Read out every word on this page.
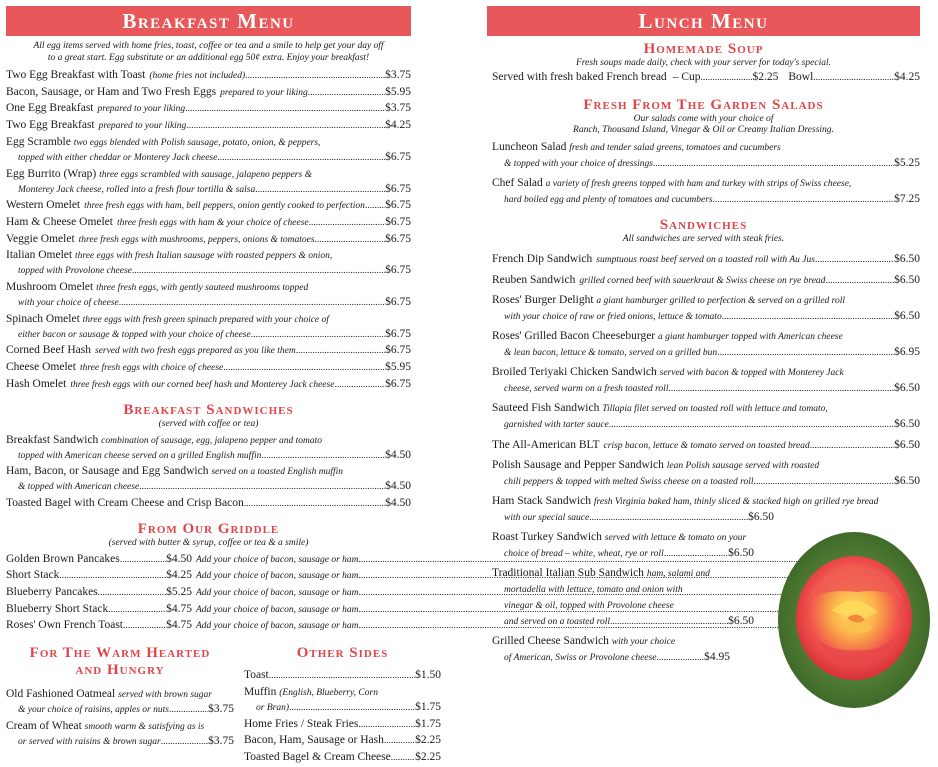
Breakfast Menu
All egg items served with home fries, toast, coffee or tea and a smile to help get your day off
to a great start. Egg substitute or an additional egg 50¢ extra. Enjoy your breakfast!
Two Egg Breakfast with Toast (home fries not included) .....	$3.75
Bacon, Sausage, or Ham and Two Fresh Eggs prepared to your liking .....	$5.95
One Egg Breakfast prepared to your liking .....	$3.75
Two Egg Breakfast prepared to your liking .....	$4.25
Egg Scramble two eggs blended with Polish sausage, potato, onion, & peppers,
topped with either cheddar or Monterey Jack cheese .....	$6.75
Egg Burrito (Wrap) three eggs scrambled with sausage, jalapeno peppers &
Monterey Jack cheese, rolled into a fresh flour tortilla & salsa .....	$6.75
Western Omelet three fresh eggs with ham, bell peppers, onion gently cooked to perfection ..... $6.75
Ham & Cheese Omelet three fresh eggs with ham & your choice of cheese .....	$6.75
Veggie Omelet three fresh eggs with mushrooms, peppers, onions & tomatoes .....	$6.75
Italian Omelet three eggs with fresh Italian sausage with roasted peppers & onion,
topped with Provolone cheese .....	$6.75
Mushroom Omelet three fresh eggs, with gently sauteed mushrooms topped
with your choice of cheese .....	$6.75
Spinach Omelet three eggs with fresh green spinach prepared with your choice of
either bacon or sausage & topped with your choice of cheese .....	$6.75
Corned Beef Hash served with two fresh eggs prepared as you like them .....	$6.75
Cheese Omelet three fresh eggs with choice of cheese .....	$5.95
Hash Omelet three fresh eggs with our corned beef hash and Monterey Jack cheese .....	$6.75
Breakfast Sandwiches
(served with coffee or tea)
Breakfast Sandwich combination of sausage, egg, jalapeno pepper and tomato
topped with American cheese served on a grilled English muffin .....	$4.50
Ham, Bacon, or Sausage and Egg Sandwich served on a toasted English muffin
& topped with American cheese .....	$4.50
Toasted Bagel with Cream Cheese and Crisp Bacon .....	$4.50
From Our Griddle
(served with butter & syrup, coffee or tea & a smile)
Golden Brown Pancakes .....	$4.50 Add your choice of bacon, sausage or ham
.....
Short Stack .....	$4.25 Add your choice of bacon, sausage or ham
.....
Blueberry Pancakes .....	$5.25 Add your choice of bacon, sausage or ham
.....
Blueberry Short Stack .....	$4.75 Add your choice of bacon, sausage or ham
.....
Roses' Own French Toast .....	$4.75 Add your choice of bacon, sausage or ham
.....
For The Warm Hearted
and Hungry
Old Fashioned Oatmeal served with brown sugar
& your choice of raisins, apples or nuts .....	$3.75
Cream of Wheat smooth warm & satisfying as is
or served with raisins & brown sugar .....	$3.75
Other Sides
Toast .....	$1.50
Muffin (English, Blueberry, Corn
or Bran) .....	$1.75
Home Fries / Steak Fries .....	$1.75
Bacon, Ham, Sausage or Hash .....	$2.25
Toasted Bagel & Cream Cheese ..... $2.25
Lunch Menu
Homemade Soup
Fresh soups made daily, check with your server for today's special.
Served with fresh baked French bread – Cup .....	$2.25 Bowl .....	$4.25
Fresh From The Garden Salads
Our salads come with your choice of
Ranch, Thousand Island, Vinegar & Oil or Creamy Italian Dressing.
Luncheon Salad fresh and tender salad greens, tomatoes and cucumbers
& topped with your choice of dressings .....	$5.25
Chef Salad a variety of fresh greens topped with ham and turkey with strips of Swiss cheese,
hard boiled egg and plenty of tomatoes and cucumbers .....	$7.25
Sandwiches
All sandwiches are served with steak fries.
French Dip Sandwich sumptuous roast beef served on a toasted roll with Au Jus .....	$6.50
Reuben Sandwich grilled corned beef with sauerkraut & Swiss cheese on rye bread .....	$6.50
Roses' Burger Delight a giant hamburger grilled to perfection & served on a grilled roll
with your choice of raw or fried onions, lettuce & tomato .....	$6.50
Roses' Grilled Bacon Cheeseburger a giant hamburger topped with American cheese
& lean bacon, lettuce & tomato, served on a grilled bun .....	$6.95
Broiled Teriyaki Chicken Sandwich served with bacon & topped with Monterey Jack
cheese, served warm on a fresh toasted roll .....	$6.50
Sauteed Fish Sandwich Tillapia filet served on toasted roll with lettuce and tomato,
garnished with tarter sauce .....	$6.50
The All-American BLT crisp bacon, lettuce & tomato served on toasted bread .....	$6.50
Polish Sausage and Pepper Sandwich lean Polish sausage served with roasted
chili peppers & topped with melted Swiss cheese on a toasted roll .....	$6.50
Ham Stack Sandwich fresh Virginia baked ham, thinly sliced & stacked high on grilled rye bread
with our special sauce .....	$6.50
Roast Turkey Sandwich served with lettuce & tomato on your
choice of bread – white, wheat, rye or roll .....	$6.50
Traditional Italian Sub Sandwich ham, salami and
mortadella with lettuce, tomato and onion with
vinegar & oil, topped with Provolone cheese
and served on a toasted roll .....	$6.50
Grilled Cheese Sandwich with your choice
of American, Swiss or Provolone cheese .....	$4.95
